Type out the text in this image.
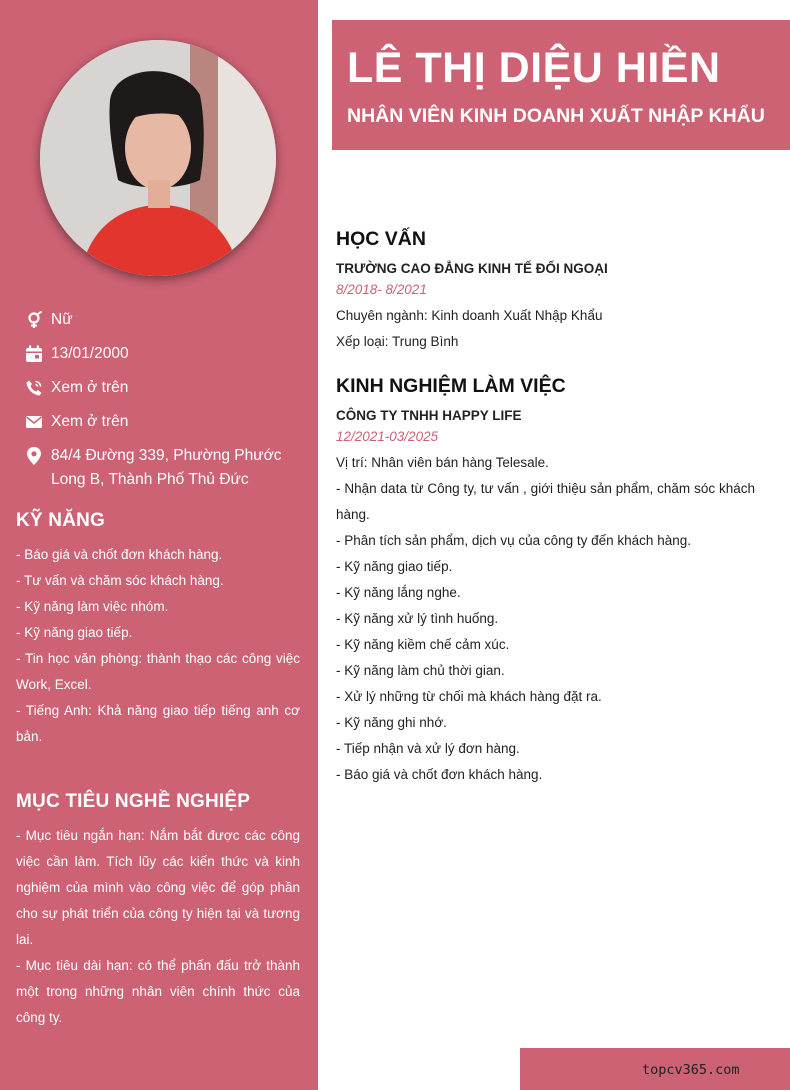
Nữ
13/01/2000
Xem ở trên
Xem ở trên
84/4 Đường 339, Phường Phước Long B, Thành Phố Thủ Đức
KỸ NĂNG

- Báo giá và chốt đơn khách hàng.

- Tư vấn và chăm sóc khách hàng.

- Kỹ năng làm việc nhóm.

- Kỹ năng giao tiếp.

- Tin học văn phòng: thành thạo các công việc Work, Excel.

- Tiếng Anh: Khả năng giao tiếp tiếng anh cơ bản.

MỤC TIÊU NGHỀ NGHIỆP

- Mục tiêu ngắn hạn: Nắm bắt được các công việc cần làm. Tích lũy các kiến thức và kinh nghiệm của mình vào công việc để góp phần cho sự phát triển của công ty hiện tại và tương lai.

- Mục tiêu dài hạn: có thể phấn đấu trở thành một trong những nhân viên chính thức của công ty.

LÊ THỊ DIỆU HIỀN
NHÂN VIÊN KINH DOANH XUẤT NHẬP KHẨU
HỌC VẤN
TRƯỜNG CAO ĐẲNG KINH TẾ ĐỐI NGOẠI
8/2018- 8/2021

Chuyên ngành: Kinh doanh Xuất Nhập Khẩu

Xếp loại: Trung Bình

KINH NGHIỆM LÀM VIỆC
CÔNG TY TNHH HAPPY LIFE
12/2021-03/2025

Vị trí: Nhân viên bán hàng Telesale.

- Nhận data từ Công ty, tư vấn , giới thiệu sản phẩm, chăm sóc khách hàng.

- Phân tích sản phẩm, dịch vụ của công ty đến khách hàng.

- Kỹ năng giao tiếp.

- Kỹ năng lắng nghe.

- Kỹ năng xử lý tình huống.

- Kỹ năng kiềm chế cảm xúc.

- Kỹ năng làm chủ thời gian.

- Xử lý những từ chối mà khách hàng đặt ra.

- Kỹ năng ghi nhớ.

- Tiếp nhận và xử lý đơn hàng.

- Báo giá và chốt đơn khách hàng.

topcv365.com
